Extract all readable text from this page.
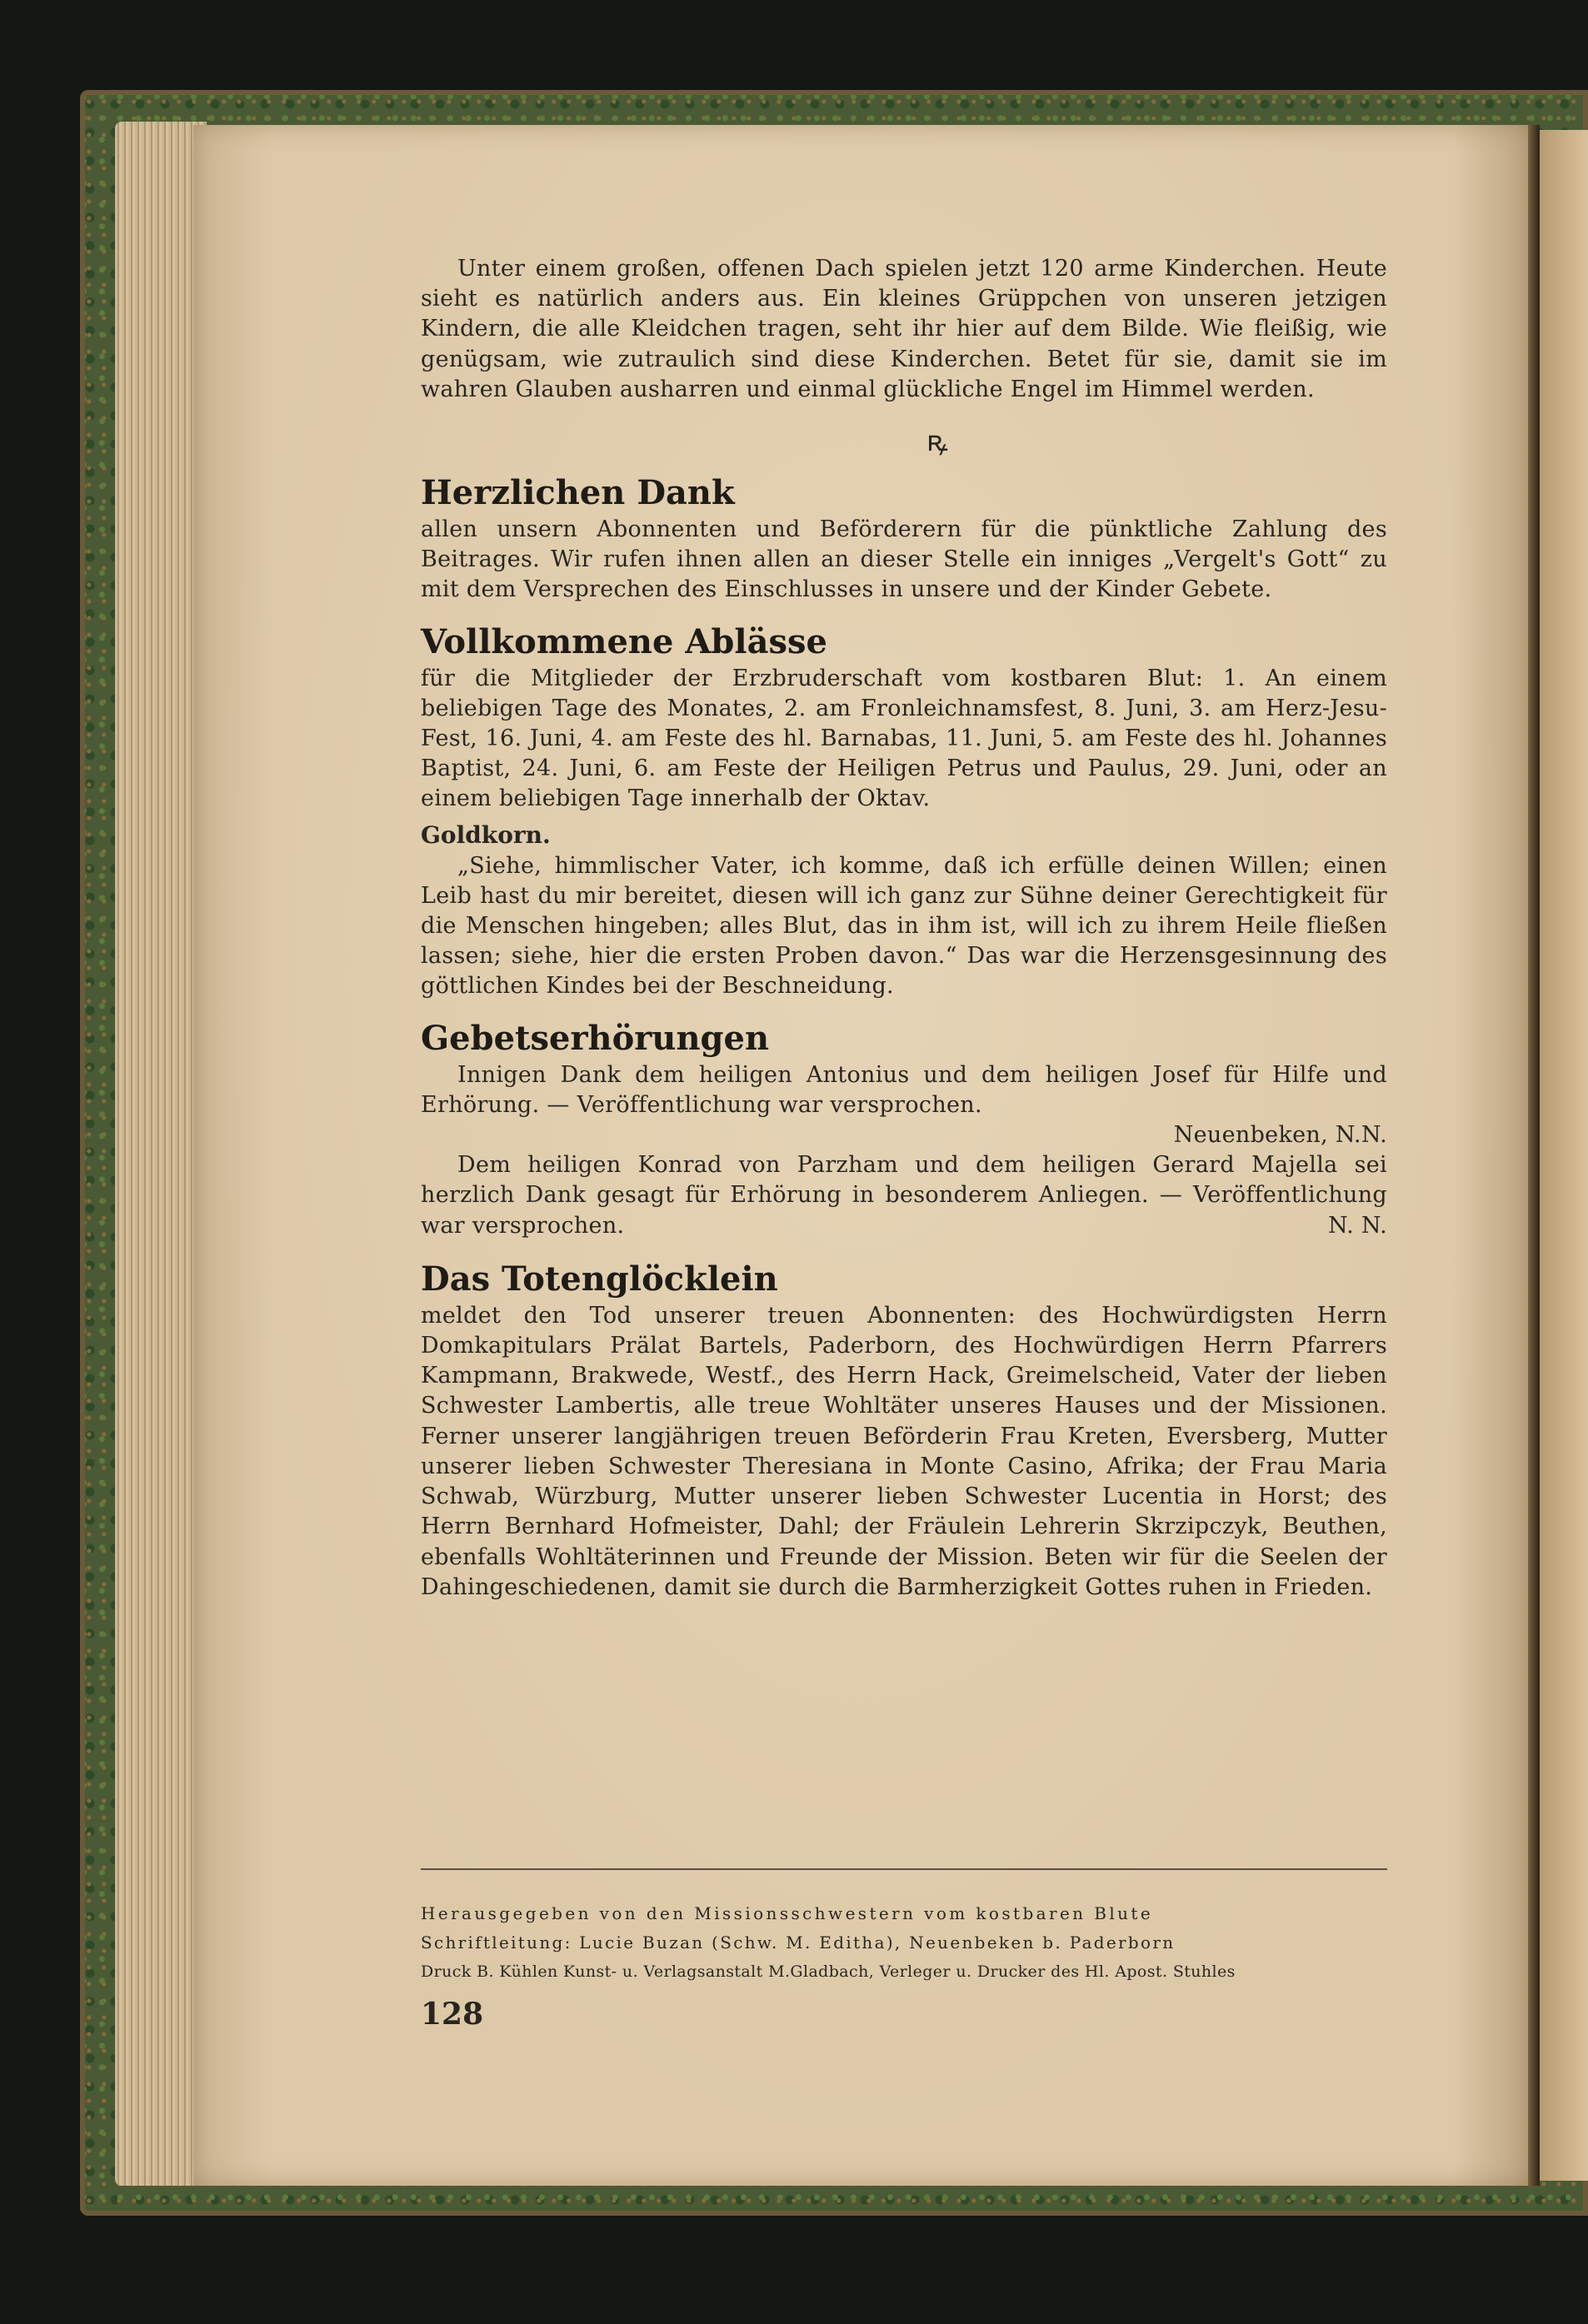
Unter einem großen, offenen Dach spielen jetzt 120 arme Kinderchen. Heute sieht es natürlich anders aus. Ein kleines Grüppchen von unseren jetzigen Kindern, die alle Kleidchen tragen, seht ihr hier auf dem Bilde. Wie fleißig, wie genügsam, wie zutraulich sind diese Kinderchen. Betet für sie, damit sie im wahren Glauben ausharren und einmal glückliche Engel im Himmel werden.

ꝶ
Herzlichen Dank

allen unsern Abonnenten und Beförderern für die pünktliche Zahlung des Beitrages. Wir rufen ihnen allen an dieser Stelle ein inniges „Vergelt's Gott“ zu mit dem Versprechen des Einschlusses in unsere und der Kinder Gebete.

Vollkommene Ablässe

für die Mitglieder der Erzbruderschaft vom kostbaren Blut: 1. An einem beliebigen Tage des Monates, 2. am Fronleichnamsfest, 8. Juni, 3. am Herz-Jesu-Fest, 16. Juni, 4. am Feste des hl. Barnabas, 11. Juni, 5. am Feste des hl. Johannes Baptist, 24. Juni, 6. am Feste der Heiligen Petrus und Paulus, 29. Juni, oder an einem beliebigen Tage innerhalb der Oktav.

Goldkorn.

„Siehe, himmlischer Vater, ich komme, daß ich erfülle deinen Willen; einen Leib hast du mir bereitet, diesen will ich ganz zur Sühne deiner Gerechtigkeit für die Menschen hingeben; alles Blut, das in ihm ist, will ich zu ihrem Heile fließen lassen; siehe, hier die ersten Proben davon.“ Das war die Herzensgesinnung des göttlichen Kindes bei der Beschneidung.

Gebetserhörungen

Innigen Dank dem heiligen Antonius und dem heiligen Josef für Hilfe und Erhörung. — Veröffentlichung war versprochen.

Neuenbeken, N.N.

Dem heiligen Konrad von Parzham und dem heiligen Gerard Majella sei herzlich Dank gesagt für Erhörung in besonderem Anliegen. — Veröffentlichung war versprochen.	N. N.

Das Totenglöcklein

meldet den Tod unserer treuen Abonnenten: des Hochwürdigsten Herrn Domkapitulars Prälat Bartels, Paderborn, des Hochwürdigen Herrn Pfarrers Kampmann, Brakwede, Westf., des Herrn Hack, Greimelscheid, Vater der lieben Schwester Lambertis, alle treue Wohltäter unseres Hauses und der Missionen. Ferner unserer langjährigen treuen Beförderin Frau Kreten, Eversberg, Mutter unserer lieben Schwester Theresiana in Monte Casino, Afrika; der Frau Maria Schwab, Würzburg, Mutter unserer lieben Schwester Lucentia in Horst; des Herrn Bernhard Hofmeister, Dahl; der Fräulein Lehrerin Skrzipczyk, Beuthen, ebenfalls Wohltäterinnen und Freunde der Mission. Beten wir für die Seelen der Dahingeschiedenen, damit sie durch die Barmherzigkeit Gottes ruhen in Frieden.

Herausgegeben von den Missionsschwestern vom kostbaren Blute
Schriftleitung: Lucie Buzan (Schw. M. Editha), Neuenbeken b. Paderborn
Druck B. Kühlen Kunst- u. Verlagsanstalt M.Gladbach, Verleger u. Drucker des Hl. Apost. Stuhles
128
